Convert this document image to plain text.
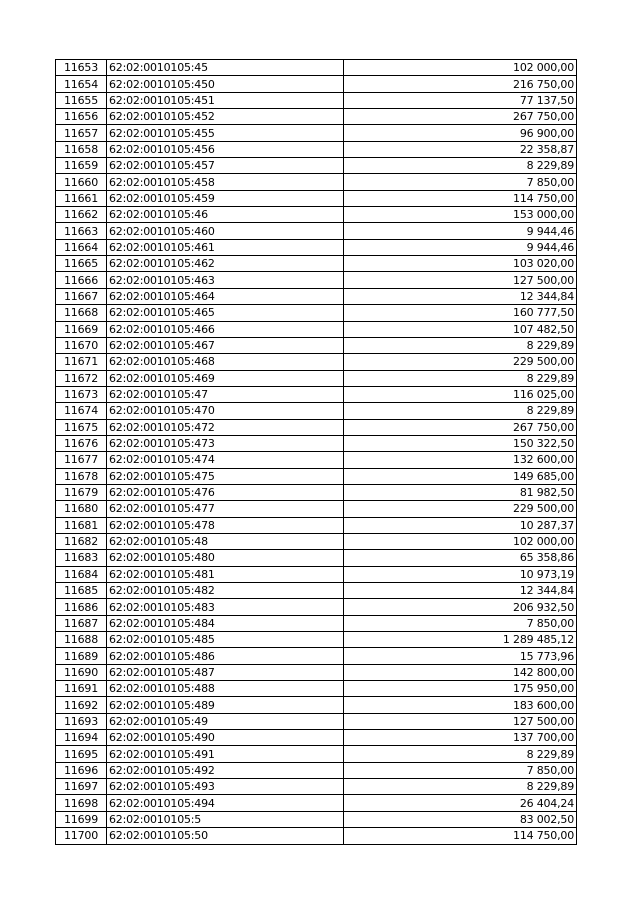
11653	62:02:0010105:45	102 000,00
11654	62:02:0010105:450	216 750,00
11655	62:02:0010105:451	77 137,50
11656	62:02:0010105:452	267 750,00
11657	62:02:0010105:455	96 900,00
11658	62:02:0010105:456	22 358,87
11659	62:02:0010105:457	8 229,89
11660	62:02:0010105:458	7 850,00
11661	62:02:0010105:459	114 750,00
11662	62:02:0010105:46	153 000,00
11663	62:02:0010105:460	9 944,46
11664	62:02:0010105:461	9 944,46
11665	62:02:0010105:462	103 020,00
11666	62:02:0010105:463	127 500,00
11667	62:02:0010105:464	12 344,84
11668	62:02:0010105:465	160 777,50
11669	62:02:0010105:466	107 482,50
11670	62:02:0010105:467	8 229,89
11671	62:02:0010105:468	229 500,00
11672	62:02:0010105:469	8 229,89
11673	62:02:0010105:47	116 025,00
11674	62:02:0010105:470	8 229,89
11675	62:02:0010105:472	267 750,00
11676	62:02:0010105:473	150 322,50
11677	62:02:0010105:474	132 600,00
11678	62:02:0010105:475	149 685,00
11679	62:02:0010105:476	81 982,50
11680	62:02:0010105:477	229 500,00
11681	62:02:0010105:478	10 287,37
11682	62:02:0010105:48	102 000,00
11683	62:02:0010105:480	65 358,86
11684	62:02:0010105:481	10 973,19
11685	62:02:0010105:482	12 344,84
11686	62:02:0010105:483	206 932,50
11687	62:02:0010105:484	7 850,00
11688	62:02:0010105:485	1 289 485,12
11689	62:02:0010105:486	15 773,96
11690	62:02:0010105:487	142 800,00
11691	62:02:0010105:488	175 950,00
11692	62:02:0010105:489	183 600,00
11693	62:02:0010105:49	127 500,00
11694	62:02:0010105:490	137 700,00
11695	62:02:0010105:491	8 229,89
11696	62:02:0010105:492	7 850,00
11697	62:02:0010105:493	8 229,89
11698	62:02:0010105:494	26 404,24
11699	62:02:0010105:5	83 002,50
11700	62:02:0010105:50	114 750,00
